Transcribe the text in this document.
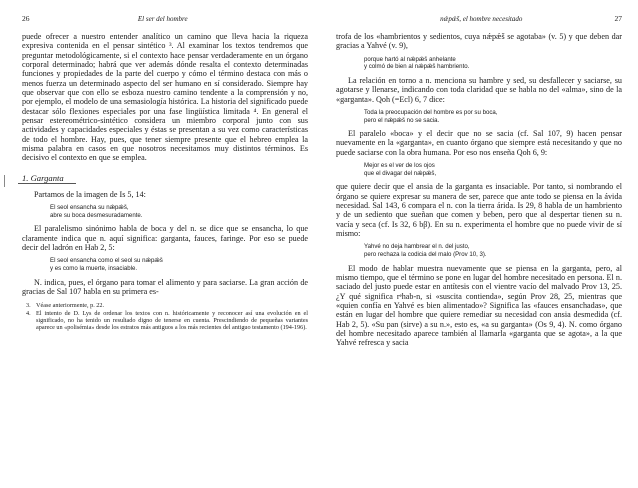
26	El ser del hombre

puede ofrecer a nuestro entender analítico un camino que lleva hacia la riqueza expresiva contenida en el pensar sintético ³. Al examinar los textos tendremos que preguntar metodológicamente, si el contexto hace pensar verdaderamente en un órgano corporal determinado; habrá que ver además dónde resalta el contexto determinadas funciones y propiedades de la parte del cuerpo y cómo el término destaca con más o menos fuerza un determinado aspecto del ser humano en sí considerado. Siempre hay que observar que con ello se esboza nuestro camino tendente a la comprensión y no, por ejemplo, el modelo de una semasiología histórica. La historia del significado puede destacar sólo flexiones especiales por una fase lingüística limitada ⁴. En general el pensar estereométrico-sintético considera un miembro corporal junto con sus actividades y capacidades especiales y éstas se presentan a su vez como características de todo el hombre. Hay, pues, que tener siempre presente que el hebreo emplea la misma palabra en casos en que nosotros necesitamos muy distintos términos. Es decisivo el contexto en que se emplea.

1. Garganta

Partamos de la imagen de Is 5, 14:

El seol ensancha su nǽpǽš,
abre su boca desmesuradamente.

El paralelismo sinónimo habla de boca y del n. se dice que se ensancha, lo que claramente indica que n. aquí significa: garganta, fauces, faringe. Por eso se puede decir del ladrón en Hab 2, 5:

El seol ensancha como el seol su nǽpǽš
y es como la muerte, insaciable.

N. indica, pues, el órgano para tomar el alimento y para saciarse. La gran acción de gracias de Sal 107 habla en su primera es-

3. Véase anteriormente, p. 22.

4. El intento de D. Lys de ordenar los textos con n. históricamente y reconocer así una evolución en el significado, no ha tenido un resultado digno de tenerse en cuenta. Prescindiendo de pequeñas variantes aparece un «polisémia» desde los estratos más antiguos a los más recientes del antiguo testamento (194-196).

nǽpǽš, el hombre necesitado	27

trofa de los «hambrientos y sedientos, cuya nǽpǽš se agotaba» (v. 5) y que deben dar gracias a Yahvé (v. 9),

porque hartó al nǽpǽš anhelante
y colmó de bien al nǽpǽš hambriento.

La relación en torno a n. menciona su hambre y sed, su desfallecer y saciarse, su agotarse y llenarse, indicando con toda claridad que se habla no del «alma», sino de la «garganta». Qoh (=Ecl) 6, 7 dice:

Toda la preocupación del hombre es por su boca,
pero el nǽpǽš no se sacia.

El paralelo «boca» y el decir que no se sacia (cf. Sal 107, 9) hacen pensar nuevamente en la «garganta», en cuanto órgano que siempre está necesitando y que no puede saciarse con la obra humana. Por eso nos enseña Qoh 6, 9:

Mejor es el ver de los ojos
que el divagar del nǽpǽš,

que quiere decir que el ansia de la garganta es insaciable. Por tanto, si nombrando el órgano se quiere expresar su manera de ser, parece que ante todo se piensa en la ávida necesidad. Sal 143, 6 compara el n. con la tierra árida. Is 29, 8 habla de un hambriento y de un sediento que sueñan que comen y beben, pero que al despertar tienen su n. vacía y seca (cf. Is 32, 6 bβ). En su n. experimenta el hombre que no puede vivir de sí mismo:

Yahvé no deja hambrear el n. del justo,
pero rechaza la codicia del malo (Prov 10, 3).

El modo de hablar muestra nuevamente que se piensa en la garganta, pero, al mismo tiempo, que el término se pone en lugar del hombre necesitado en persona. El n. saciado del justo puede estar en antítesis con el vientre vacío del malvado Prov 13, 25. ¿Y qué significa rᵉhab-n, si «suscita contienda», según Prov 28, 25, mientras que «quien confía en Yahvé es bien alimentado»? Significa las «fauces ensanchadas», que están en lugar del hombre que quiere remediar su necesidad con ansia desmedida (cf. Hab 2, 5). «Su pan (sirve) a su n.», esto es, «a su garganta» (Os 9, 4). N. como órgano del hombre necesitado aparece también al llamarla «garganta que se agota», a la que Yahvé refresca y sacia
